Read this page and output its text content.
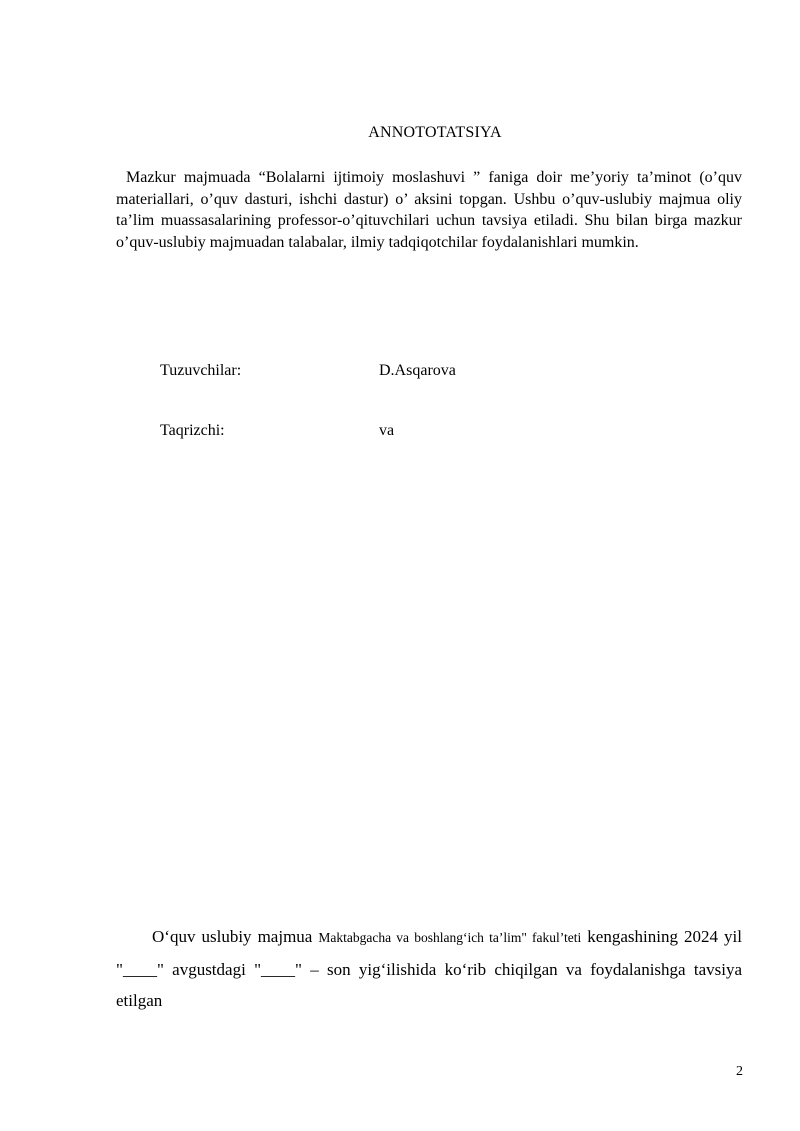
ANNOTOTATSIYA

Mazkur majmuada “Bolalarni ijtimoiy moslashuvi ” faniga doir me’yoriy ta’minot (o’quv materiallari, o’quv dasturi, ishchi dastur) o’ aksini topgan. Ushbu o’quv-uslubiy majmua oliy ta’lim muassasalarining professor-o’qituvchilari uchun tavsiya etiladi. Shu bilan birga mazkur o’quv-uslubiy majmuadan talabalar, ilmiy tadqiqotchilar foydalanishlari mumkin.

Tuzuvchilar:	D.Asqarova
Taqrizchi:	va

O‘quv uslubiy majmua Maktabgacha va boshlang‘ich ta’lim" fakul’teti kengashining 2024 yil "____" avgustdagi "____" – son yig‘ilishida ko‘rib chiqilgan va foydalanishga tavsiya etilgan

2
